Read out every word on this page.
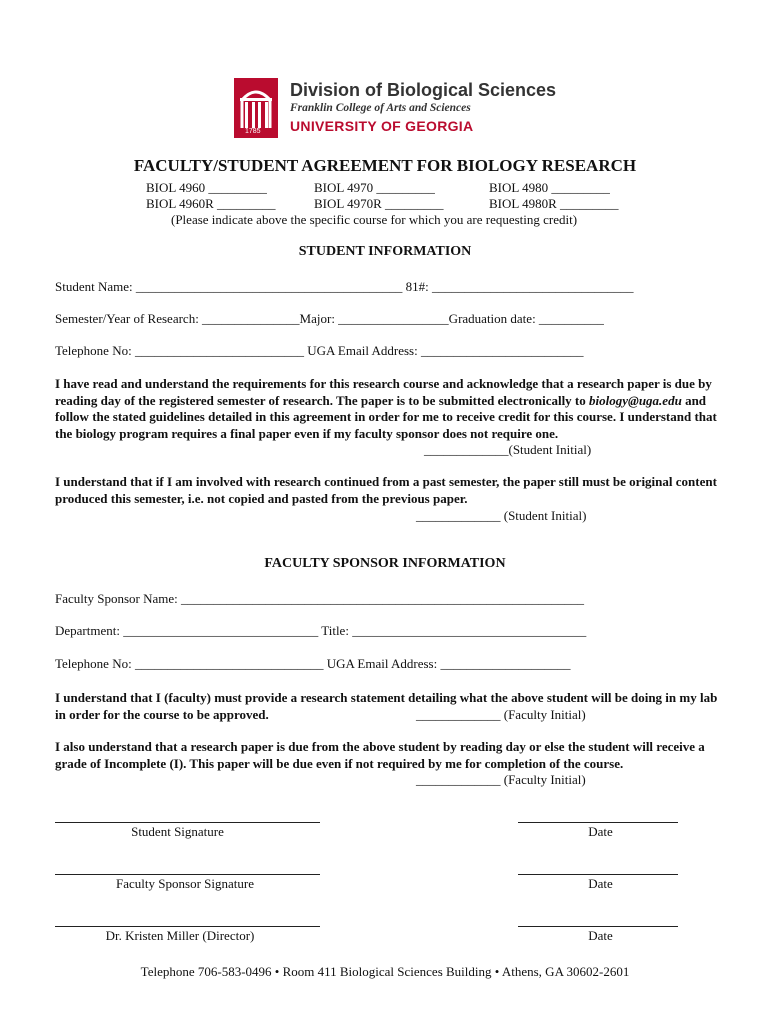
1785
Division of Biological Sciences
Franklin College of Arts and Sciences
UNIVERSITY OF GEORGIA
FACULTY/STUDENT AGREEMENT FOR BIOLOGY RESEARCH
BIOL 4960 _________	BIOL 4970 _________	BIOL 4980 _________
BIOL 4960R _________	BIOL 4970R _________	BIOL 4980R _________
(Please indicate above the specific course for which you are requesting credit)
STUDENT INFORMATION
Student Name: _________________________________________ 81#: _______________________________
Semester/Year of Research: _______________Major: _________________Graduation date: __________
Telephone No: __________________________ UGA Email Address: _________________________
I have read and understand the requirements for this research course and acknowledge that a research paper is due by reading day of the registered semester of research. The paper is to be submitted electronically to biology@uga.edu and follow the stated guidelines detailed in this agreement in order for me to receive credit for this course. I understand that the biology program requires a final paper even if my faculty sponsor does not require one.
_____________(Student Initial)
I understand that if I am involved with research continued from a past semester, the paper still must be original content produced this semester, i.e. not copied and pasted from the previous paper.
_____________ (Student Initial)
FACULTY SPONSOR INFORMATION
Faculty Sponsor Name: ______________________________________________________________
Department: ______________________________ Title: ____________________________________
Telephone No: _____________________________ UGA Email Address: ____________________
I understand that I (faculty) must provide a research statement detailing what the above student will be doing in my lab in order for the course to be approved.	_____________ (Faculty Initial)
I also understand that a research paper is due from the above student by reading day or else the student will receive a grade of Incomplete (I). This paper will be due even if not required by me for completion of the course.
_____________ (Faculty Initial)
Student Signature	Date
Faculty Sponsor Signature	Date
Dr. Kristen Miller (Director)	Date
Telephone 706-583-0496 • Room 411 Biological Sciences Building • Athens, GA 30602-2601
